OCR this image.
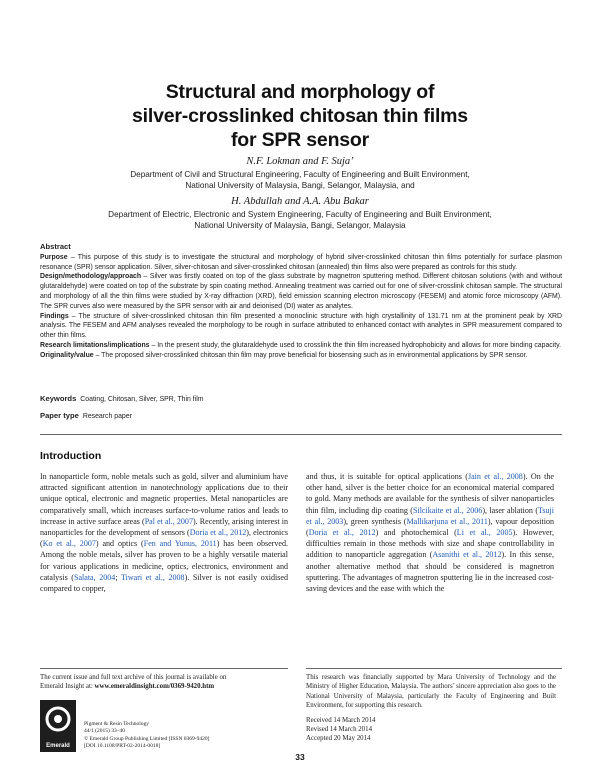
Structural and morphology of
silver-crosslinked chitosan thin films
for SPR sensor
N.F. Lokman and F. Suja’
Department of Civil and Structural Engineering, Faculty of Engineering and Built Environment,
National University of Malaysia, Bangi, Selangor, Malaysia, and
H. Abdullah and A.A. Abu Bakar
Department of Electric, Electronic and System Engineering, Faculty of Engineering and Built Environment,
National University of Malaysia, Bangi, Selangor, Malaysia
Abstract

Purpose – This purpose of this study is to investigate the structural and morphology of hybrid silver-crosslinked chitosan thin films potentially for surface plasmon resonance (SPR) sensor application. Silver, silver-chitosan and silver-crosslinked chitosan (annealed) thin films also were prepared as controls for this study.

Design/methodology/approach – Silver was firstly coated on top of the glass substrate by magnetron sputtering method. Different chitosan solutions (with and without glutaraldehyde) were coated on top of the substrate by spin coating method. Annealing treatment was carried out for one of silver-crosslink chitosan sample. The structural and morphology of all the thin films were studied by X-ray diffraction (XRD), field emission scanning electron microscopy (FESEM) and atomic force microscopy (AFM). The SPR curves also were measured by the SPR sensor with air and deionised (DI) water as analytes.

Findings – The structure of silver-crosslinked chitosan thin film presented a monoclinic structure with high crystallinity of 131.71 nm at the prominent peak by XRD analysis. The FESEM and AFM analyses revealed the morphology to be rough in surface attributed to enhanced contact with analytes in SPR measurement compared to other thin films.

Research limitations/implications – In the present study, the glutaraldehyde used to crosslink the thin film increased hydrophobicity and allows for more binding capacity.

Originality/value – The proposed silver-crosslinked chitosan thin film may prove beneficial for biosensing such as in environmental applications by SPR sensor.

Keywords Coating, Chitosan, Silver, SPR, Thin film
Paper type Research paper
Introduction
In nanoparticle form, noble metals such as gold, silver and aluminium have attracted significant attention in nanotechnology applications due to their unique optical, electronic and magnetic properties. Metal nanoparticles are comparatively small, which increases surface-to-volume ratios and leads to increase in active surface areas (Pal et al., 2007). Recently, arising interest in nanoparticles for the development of sensors (Doria et al., 2012), electronics (Ko et al., 2007) and optics (Fen and Yunus, 2011) has been observed. Among the noble metals, silver has proven to be a highly versatile material for various applications in medicine, optics, electronics, environment and catalysis (Salata, 2004; Tiwari et al., 2008). Silver is not easily oxidised compared to copper,
and thus, it is suitable for optical applications (Jain et al., 2008). On the other hand, silver is the better choice for an economical material compared to gold. Many methods are available for the synthesis of silver nanoparticles thin film, including dip coating (Silcikaite et al., 2006), laser ablation (Tsuji et al., 2003), green synthesis (Mallikarjuna et al., 2011), vapour deposition (Doria et al., 2012) and photochemical (Li et al., 2005). However, difficulties remain in those methods with size and shape controllability in addition to nanoparticle aggregation (Asanithi et al., 2012). In this sense, another alternative method that should be considered is magnetron sputtering. The advantages of magnetron sputtering lie in the increased cost-saving devices and the ease with which the
The current issue and full text archive of this journal is available on
Emerald Insight at: www.emeraldinsight.com/0369-9420.htm
Emerald
Pigment & Resin Technology
44/1 (2015) 33–40
© Emerald Group Publishing Limited [ISSN 0369-9420]
[DOI 10.1108/PRT-02-2014-0018]
This research was financially supported by Mara University of Technology and the Ministry of Higher Education, Malaysia. The authors’ sincere appreciation also goes to the National University of Malaysia, particularly the Faculty of Engineering and Built Environment, for supporting this research.
Received 14 March 2014
Revised 14 March 2014
Accepted 20 May 2014
33
